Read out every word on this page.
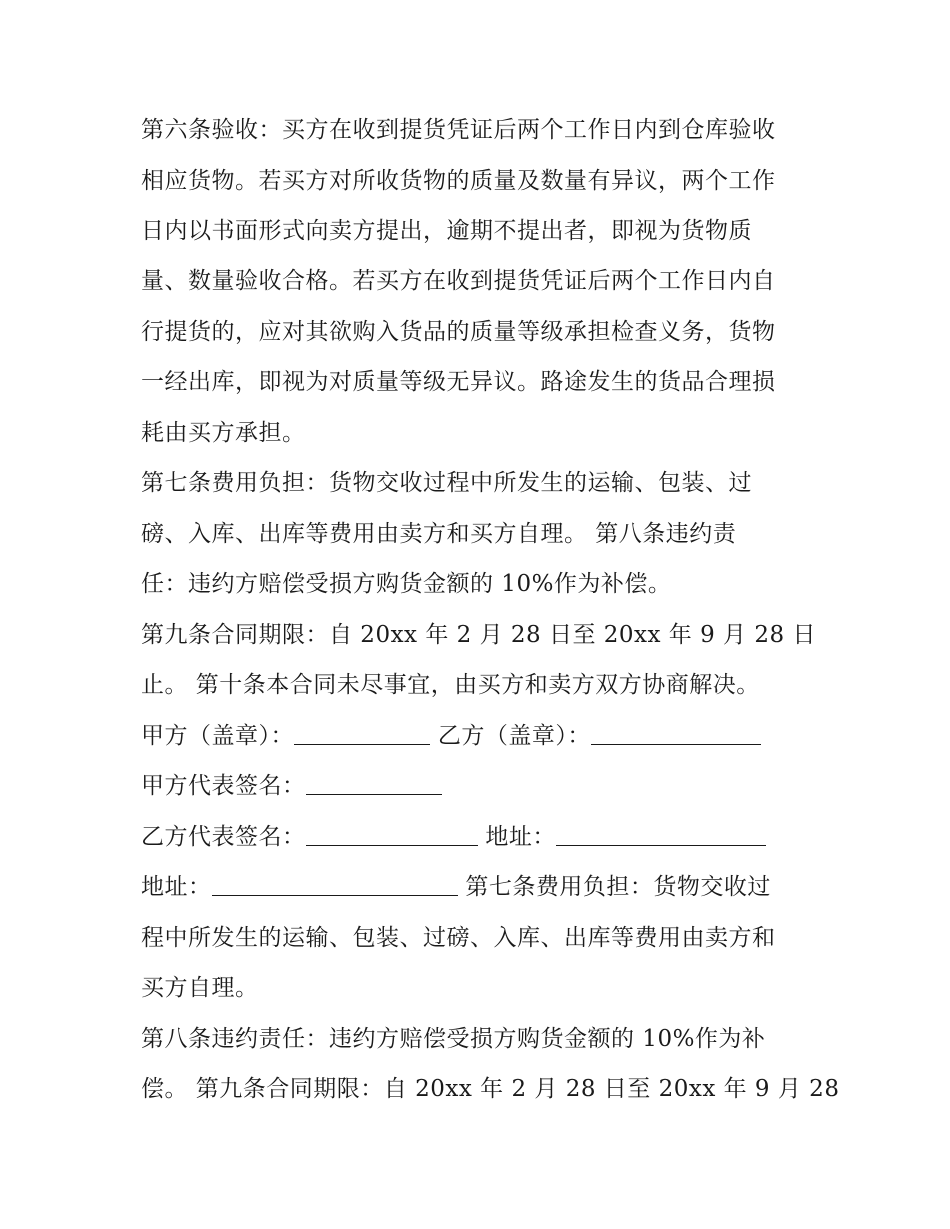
第六条验收：买方在收到提货凭证后两个工作日内到仓库验收
相应货物。若买方对所收货物的质量及数量有异议，两个工作
日内以书面形式向卖方提出，逾期不提出者，即视为货物质
量、数量验收合格。若买方在收到提货凭证后两个工作日内自
行提货的，应对其欲购入货品的质量等级承担检查义务，货物
一经出库，即视为对质量等级无异议。路途发生的货品合理损
耗由买方承担。
第七条费用负担：货物交收过程中所发生的运输、包装、过
磅、入库、出库等费用由卖方和买方自理。 第八条违约责
任：违约方赔偿受损方购货金额的 10%作为补偿。
第九条合同期限：自 20xx 年 2 月 28 日至 20xx 年 9 月 28 日
止。 第十条本合同未尽事宜，由买方和卖方双方协商解决。
甲方（盖章）：	乙方（盖章）：
甲方代表签名：
乙方代表签名：	地址：
地址：	第七条费用负担：货物交收过
程中所发生的运输、包装、过磅、入库、出库等费用由卖方和
买方自理。
第八条违约责任：违约方赔偿受损方购货金额的 10%作为补
偿。 第九条合同期限：自 20xx 年 2 月 28 日至 20xx 年 9 月 28
